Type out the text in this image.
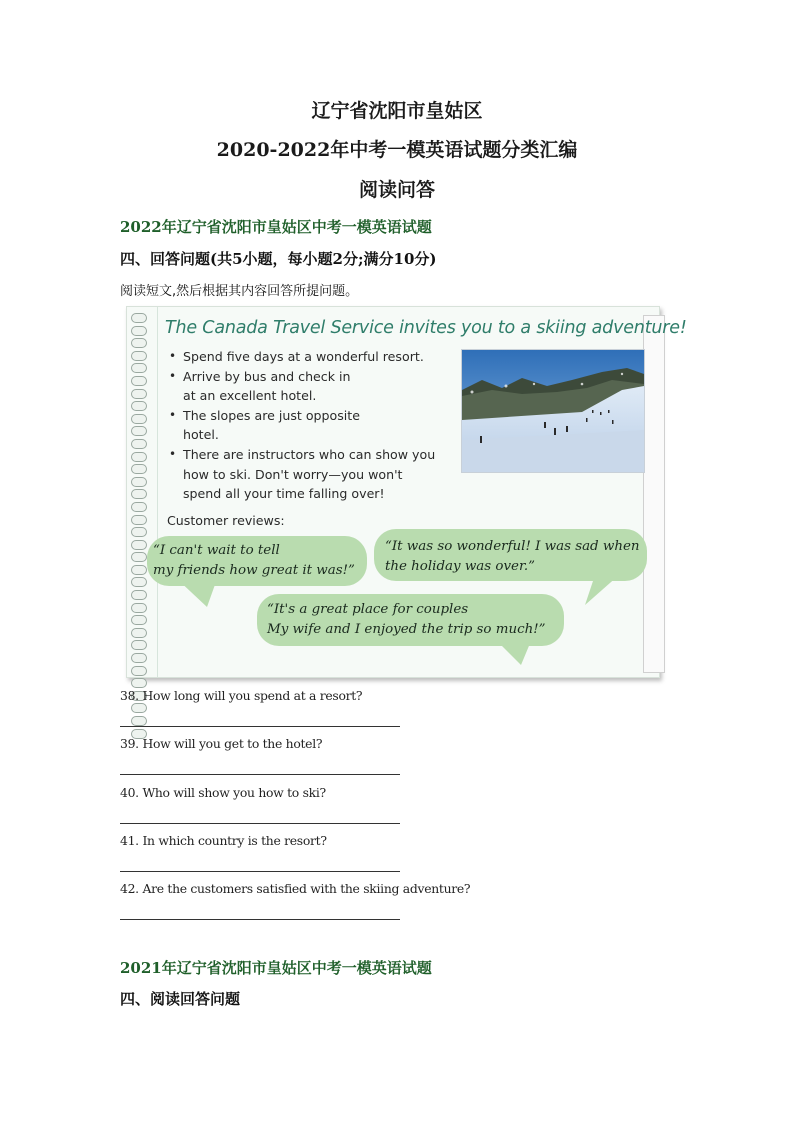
辽宁省沈阳市皇姑区
2020-2022年中考一模英语试题分类汇编
阅读问答
2022年辽宁省沈阳市皇姑区中考一模英语试题
四、回答问题(共5小题，每小题2分;满分10分)
阅读短文,然后根据其内容回答所提问题。
The Canada Travel Service invites you to a skiing adventure!
• Spend five days at a wonderful resort.
• Arrive by bus and check in
at an excellent hotel.
• The slopes are just opposite
hotel.
• There are instructors who can show you
how to ski. Don't worry—you won't
spend all your time falling over!
Customer reviews:
“I can't wait to tell
my friends how great it was!”
“It was so wonderful! I was sad when
the holiday was over.”
“It's a great place for couples
My wife and I enjoyed the trip so much!”
38. How long will you spend at a resort?
39. How will you get to the hotel?
40. Who will show you how to ski?
41. In which country is the resort?
42. Are the customers satisfied with the skiing adventure?
2021年辽宁省沈阳市皇姑区中考一模英语试题
四、阅读回答问题
